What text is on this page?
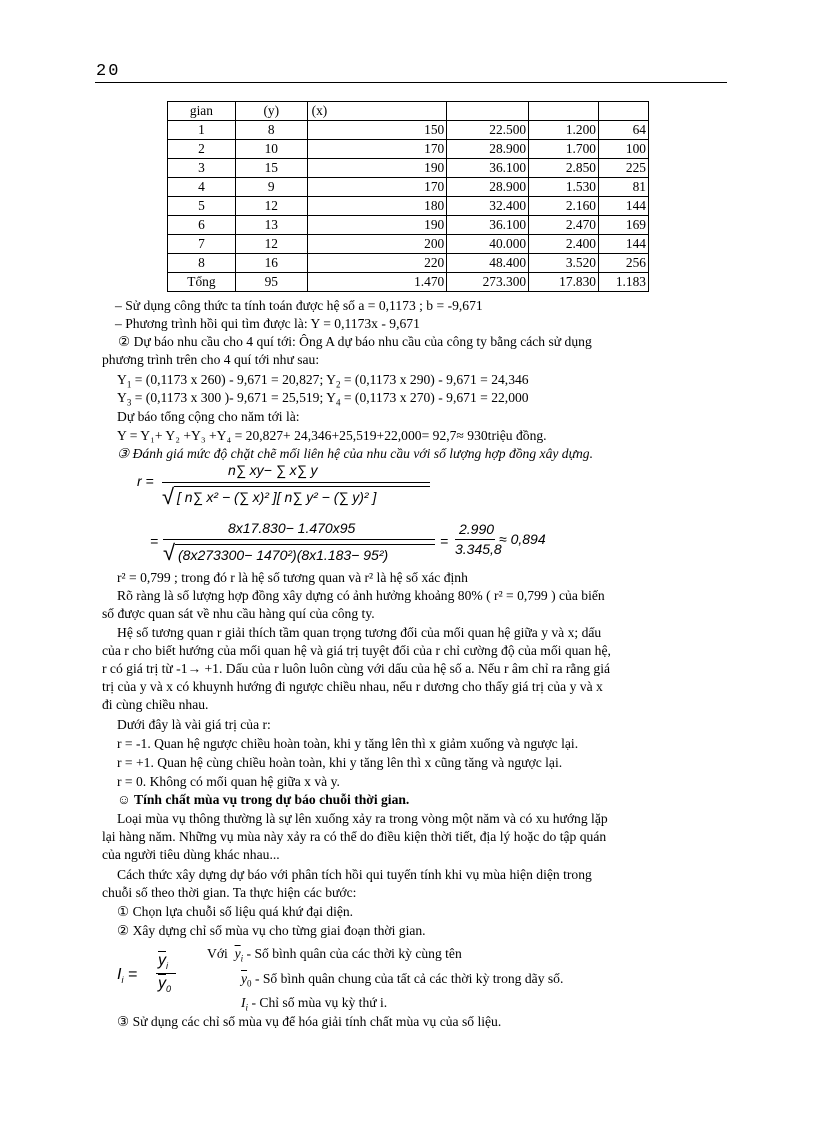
20
gian	(y)	(x)			
1	8	150	22.500	1.200	64
2	10	170	28.900	1.700	100
3	15	190	36.100	2.850	225
4	9	170	28.900	1.530	81
5	12	180	32.400	2.160	144
6	13	190	36.100	2.470	169
7	12	200	40.000	2.400	144
8	16	220	48.400	3.520	256
Tổng	95	1.470	273.300	17.830	1.183
– Sử dụng công thức ta tính toán được hệ số a = 0,1173 ; b = -9,671
– Phương trình hồi qui tìm được là: Y = 0,1173x - 9,671
② Dự báo nhu cầu cho 4 quí tới: Ông A dự báo nhu cầu của công ty bằng cách sử dụng
phương trình trên cho 4 quí tới như sau:
$Y_1 = (0,1173$ x 260) - 9,671 = 20,827; $Y_2 = (0,1173$ x 290) - 9,671 = 24,346
$Y_3 = (0,1173$ x 300 )- 9,671 = 25,519; $Y_4 = (0,1173$ x 270) - 9,671 = 22,000
Dự báo tổng cộng cho năm tới là:
Y = Y₁+ Y₂ +Y₃ +Y₄ = 20,827+ 24,346+25,519+22,000= 92,7≈ 930triệu đồng.
③ Đánh giá mức độ chặt chẽ mối liên hệ của nhu cầu với số lượng hợp đồng xây dựng.
r =
n∑ xy− ∑ x∑ y
√ [ n∑ x² − (∑ x)² ][ n∑ y² − (∑ y)² ]
=
8x17.830− 1.470x95
√ (8x273300− 1470²)(8x1.183− 95²)
=
2.990
3.345,8
≈ 0,894
r² = 0,799 ; trong đó r là hệ số tương quan và r² là hệ số xác định
Rõ ràng là số lượng hợp đồng xây dựng có ảnh hưởng khoảng 80% ( r² = 0,799 ) của biến
số được quan sát về nhu cầu hàng quí của công ty.
Hệ số tương quan r giải thích tầm quan trọng tương đối của mối quan hệ giữa y và x; dấu
của r cho biết hướng của mối quan hệ và giá trị tuyệt đối của r chỉ cường độ của mối quan hệ,
r có giá trị từ -1→ +1. Dấu của r luôn luôn cùng với dấu của hệ số a. Nếu r âm chỉ ra rằng giá
trị của y và x có khuynh hướng đi ngược chiều nhau, nếu r dương cho thấy giá trị của y và x
đi cùng chiều nhau.
Dưới đây là vài giá trị của r:
r = -1. Quan hệ ngược chiều hoàn toàn, khi y tăng lên thì x giảm xuống và ngược lại.
r = +1. Quan hệ cùng chiều hoàn toàn, khi y tăng lên thì x cũng tăng và ngược lại.
r = 0. Không có mối quan hệ giữa x và y.
☺ Tính chất mùa vụ trong dự báo chuỗi thời gian.
Loại mùa vụ thông thường là sự lên xuống xảy ra trong vòng một năm và có xu hướng lặp
lại hàng năm. Những vụ mùa này xảy ra có thể do điều kiện thời tiết, địa lý hoặc do tập quán
của người tiêu dùng khác nhau...
Cách thức xây dựng dự báo với phân tích hồi qui tuyến tính khi vụ mùa hiện diện trong
chuỗi số theo thời gian. Ta thực hiện các bước:
① Chọn lựa chuỗi số liệu quá khứ đại diện.
② Xây dựng chỉ số mùa vụ cho từng giai đoạn thời gian.
$I_i$ =
$\overline{y}_i$
$\overline{y}_0$
Với $\overline{y}_i$ - Số bình quân của các thời kỳ cùng tên
$\overline{y}_0$ - Số bình quân chung của tất cả các thời kỳ trong dãy số.
$I_i$ - Chỉ số mùa vụ kỳ thứ i.
③ Sử dụng các chỉ số mùa vụ để hóa giải tính chất mùa vụ của số liệu.
